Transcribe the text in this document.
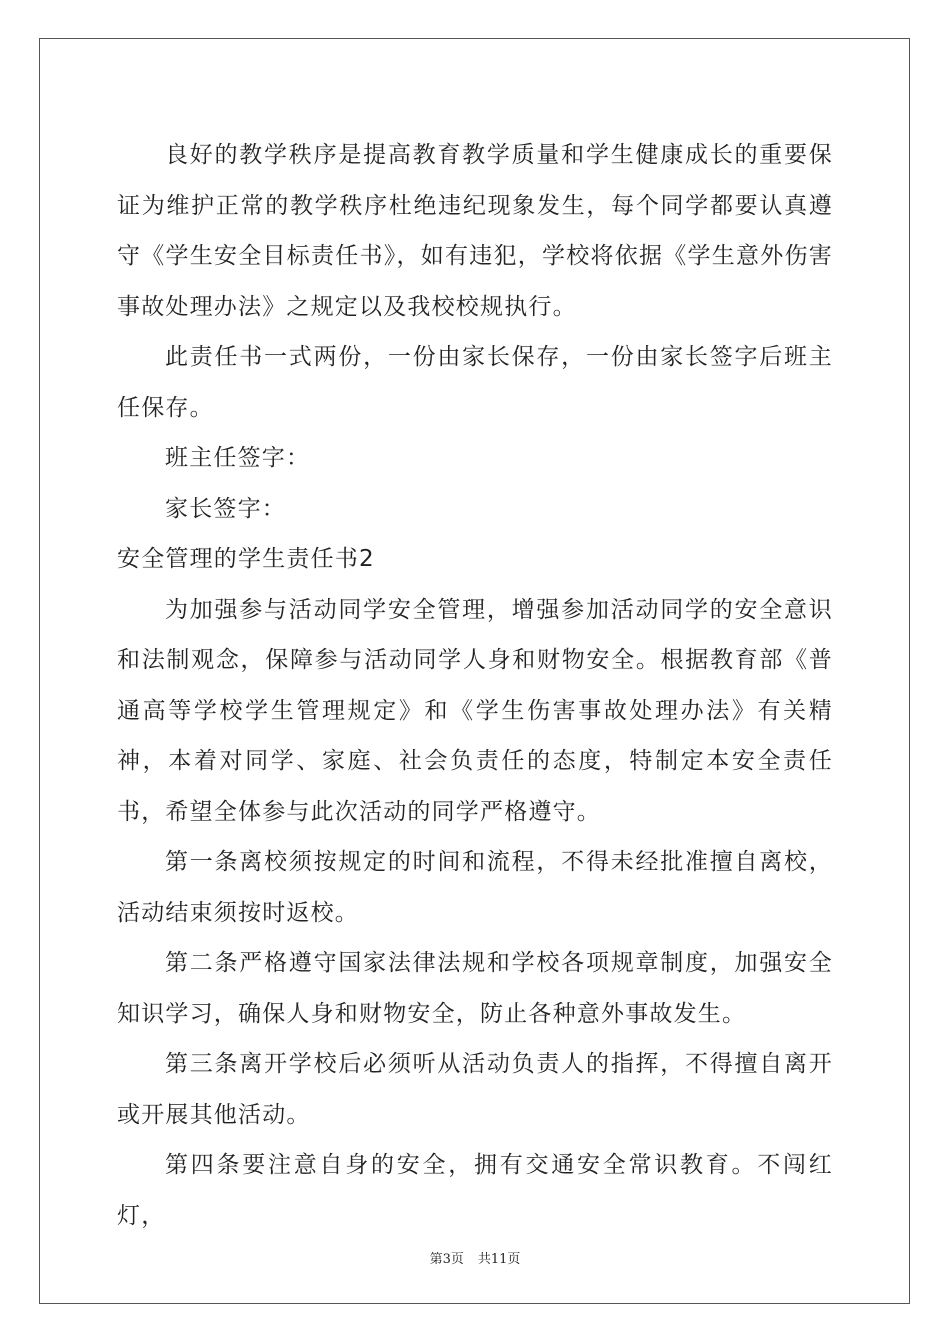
良好的教学秩序是提高教育教学质量和学生健康成长的重要保证为维护正常的教学秩序杜绝违纪现象发生，每个同学都要认真遵守《学生安全目标责任书》，如有违犯，学校将依据《学生意外伤害事故处理办法》之规定以及我校校规执行。

此责任书一式两份，一份由家长保存，一份由家长签字后班主任保存。

班主任签字：

家长签字：

安全管理的学生责任书2

为加强参与活动同学安全管理，增强参加活动同学的安全意识和法制观念，保障参与活动同学人身和财物安全。根据教育部《普通高等学校学生管理规定》和《学生伤害事故处理办法》有关精神，本着对同学、家庭、社会负责任的态度，特制定本安全责任书，希望全体参与此次活动的同学严格遵守。

第一条离校须按规定的时间和流程，不得未经批准擅自离校，活动结束须按时返校。

第二条严格遵守国家法律法规和学校各项规章制度，加强安全知识学习，确保人身和财物安全，防止各种意外事故发生。

第三条离开学校后必须听从活动负责人的指挥，不得擅自离开或开展其他活动。

第四条要注意自身的安全，拥有交通安全常识教育。不闯红灯，

第3页 共11页
